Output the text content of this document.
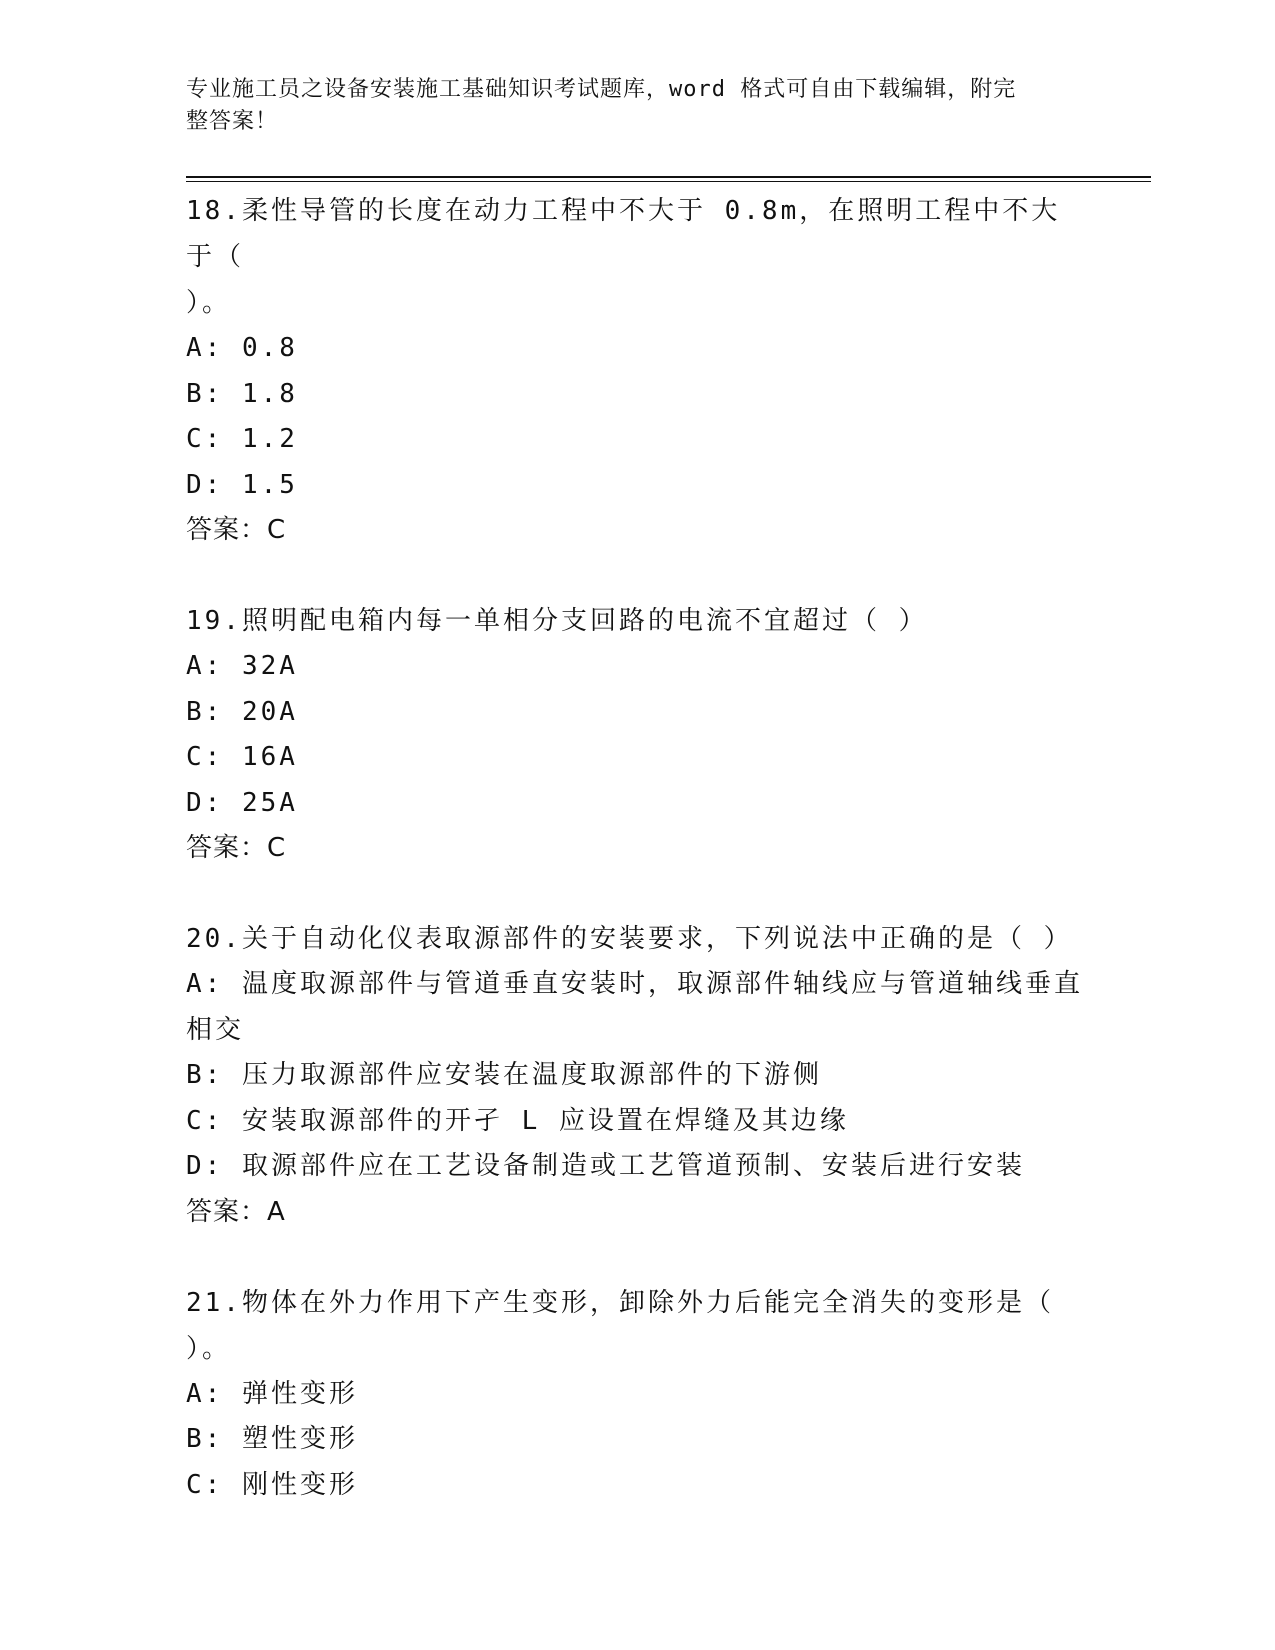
专业施工员之设备安装施工基础知识考试题库，word 格式可自由下载编辑，附完
整答案！
18.柔性导管的长度在动力工程中不大于 0.8m，在照明工程中不大于（
）。
A: 0.8
B: 1.8
C: 1.2
D: 1.5
答案：C
19.照明配电箱内每一单相分支回路的电流不宜超过（ ）
A: 32A
B: 20A
C: 16A
D: 25A
答案：C
20.关于自动化仪表取源部件的安装要求，下列说法中正确的是（ ）
A: 温度取源部件与管道垂直安装时，取源部件轴线应与管道轴线垂直
相交
B: 压力取源部件应安装在温度取源部件的下游侧
C: 安装取源部件的开孑 L 应设置在焊缝及其边缘
D: 取源部件应在工艺设备制造或工艺管道预制、安装后进行安装
答案：A
21.物体在外力作用下产生变形，卸除外力后能完全消失的变形是（
）。
A: 弹性变形
B: 塑性变形
C: 刚性变形
